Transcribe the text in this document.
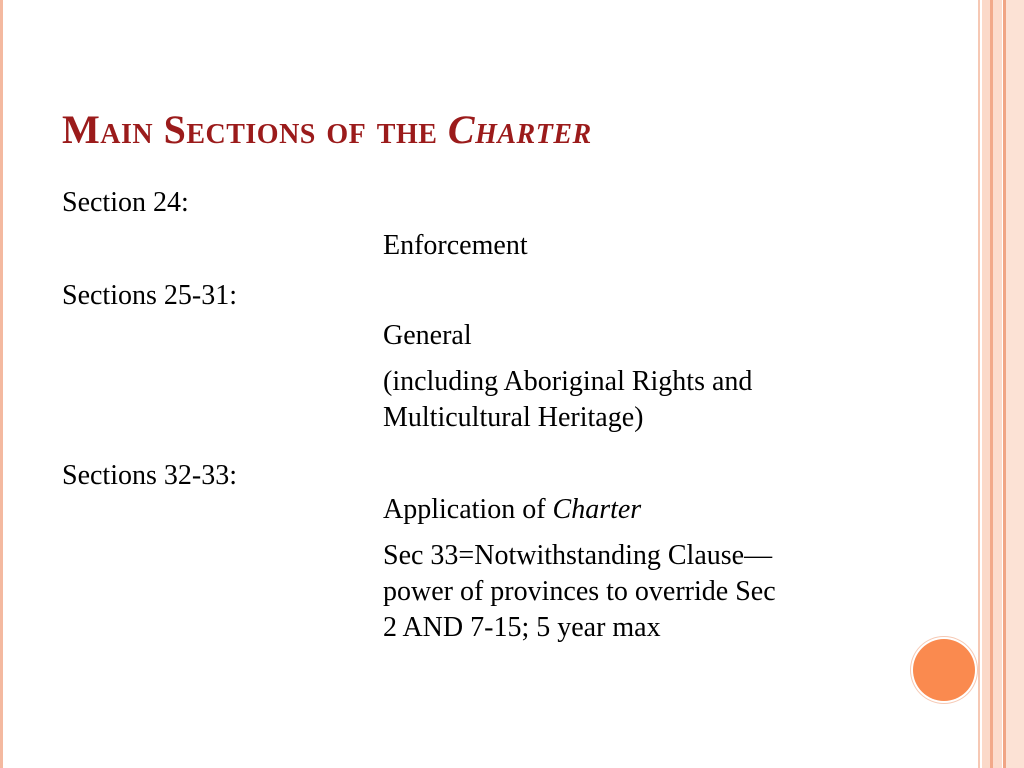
Main Sections of the Charter
Section 24:
Enforcement
Sections 25-31:
General
(including Aboriginal Rights and
Multicultural Heritage)
Sections 32-33:
Application of Charter
Sec 33=Notwithstanding Clause—
power of provinces to override Sec
2 AND 7-15; 5 year max
